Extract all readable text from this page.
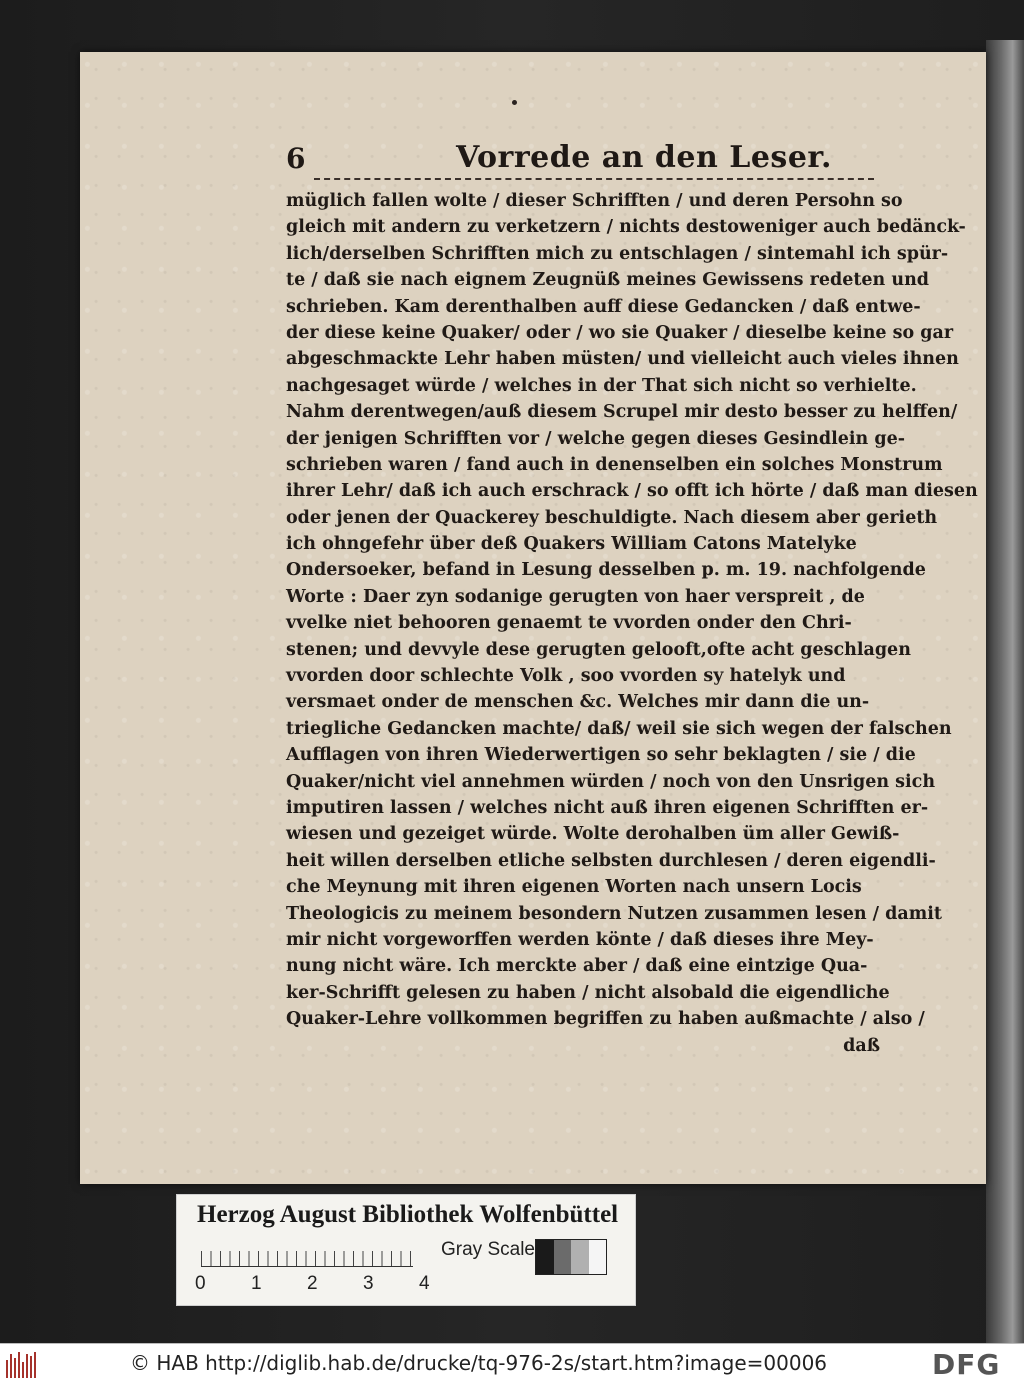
6	Vorrede an den Leser.
müglich fallen wolte / dieser Schrifften / und deren Persohn so
gleich mit andern zu verketzern / nichts destoweniger auch bedänck-
lich/derselben Schrifften mich zu entschlagen / sintemahl ich spür-
te / daß sie nach eignem Zeugnüß meines Gewissens redeten und
schrieben. Kam derenthalben auff diese Gedancken / daß entwe-
der diese keine Quaker/ oder / wo sie Quaker / dieselbe keine so gar
abgeschmackte Lehr haben müsten/ und vielleicht auch vieles ihnen
nachgesaget würde / welches in der That sich nicht so verhielte.
Nahm derentwegen/auß diesem Scrupel mir desto besser zu helffen/
der jenigen Schrifften vor / welche gegen dieses Gesindlein ge-
schrieben waren / fand auch in denenselben ein solches Monstrum
ihrer Lehr/ daß ich auch erschrack / so offt ich hörte / daß man diesen
oder jenen der Quackerey beschuldigte. Nach diesem aber gerieth
ich ohngefehr über deß Quakers William Catons Matelyke
Ondersoeker, befand in Lesung desselben p. m. 19. nachfolgende
Worte : Daer zyn sodanige gerugten von haer verspreit , de
vvelke niet behooren genaemt te vvorden onder den Chri-
stenen; und devvyle dese gerugten gelooft,ofte acht geschlagen
vvorden door schlechte Volk , soo vvorden sy hatelyk und
versmaet onder de menschen &c. Welches mir dann die un-
triegliche Gedancken machte/ daß/ weil sie sich wegen der falschen
Aufflagen von ihren Wiederwertigen so sehr beklagten / sie / die
Quaker/nicht viel annehmen würden / noch von den Unsrigen sich
imputiren lassen / welches nicht auß ihren eigenen Schrifften er-
wiesen und gezeiget würde. Wolte derohalben üm aller Gewiß-
heit willen derselben etliche selbsten durchlesen / deren eigendli-
che Meynung mit ihren eigenen Worten nach unsern Locis
Theologicis zu meinem besondern Nutzen zusammen lesen / damit
mir nicht vorgeworffen werden könte / daß dieses ihre Mey-
nung nicht wäre. Ich merckte aber / daß eine eintzige Qua-
ker-Schrifft gelesen zu haben / nicht alsobald die eigendliche
Quaker-Lehre vollkommen begriffen zu haben außmachte / also /
daß
Herzog August Bibliothek Wolfenbüttel
0 1 2 3 4
Gray Scale
© HAB http://diglib.hab.de/drucke/tq-976-2s/start.htm?image=00006	DFG
